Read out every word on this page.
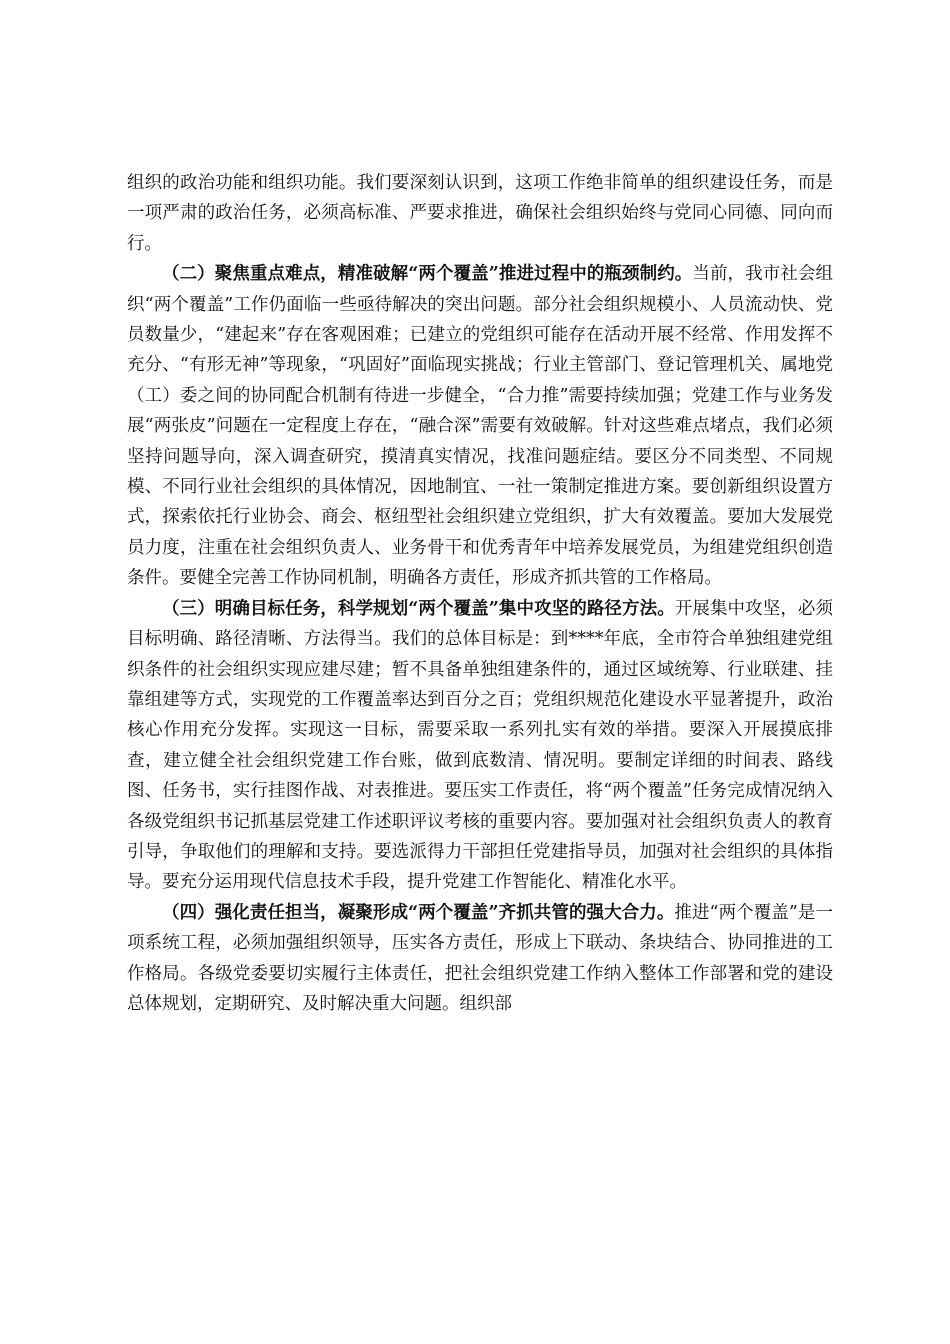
组织的政治功能和组织功能。我们要深刻认识到，这项工作绝非简单的组织建设任务，而是一项严肃的政治任务，必须高标准、严要求推进，确保社会组织始终与党同心同德、同向而行。

（二）聚焦重点难点，精准破解“两个覆盖”推进过程中的瓶颈制约。当前，我市社会组织“两个覆盖”工作仍面临一些亟待解决的突出问题。部分社会组织规模小、人员流动快、党员数量少，“建起来”存在客观困难；已建立的党组织可能存在活动开展不经常、作用发挥不充分、“有形无神”等现象，“巩固好”面临现实挑战；行业主管部门、登记管理机关、属地党（工）委之间的协同配合机制有待进一步健全，“合力推”需要持续加强；党建工作与业务发展“两张皮”问题在一定程度上存在，“融合深”需要有效破解。针对这些难点堵点，我们必须坚持问题导向，深入调查研究，摸清真实情况，找准问题症结。要区分不同类型、不同规模、不同行业社会组织的具体情况，因地制宜、一社一策制定推进方案。要创新组织设置方式，探索依托行业协会、商会、枢纽型社会组织建立党组织，扩大有效覆盖。要加大发展党员力度，注重在社会组织负责人、业务骨干和优秀青年中培养发展党员，为组建党组织创造条件。要健全完善工作协同机制，明确各方责任，形成齐抓共管的工作格局。

（三）明确目标任务，科学规划“两个覆盖”集中攻坚的路径方法。开展集中攻坚，必须目标明确、路径清晰、方法得当。我们的总体目标是：到****年底，全市符合单独组建党组织条件的社会组织实现应建尽建；暂不具备单独组建条件的，通过区域统筹、行业联建、挂靠组建等方式，实现党的工作覆盖率达到百分之百；党组织规范化建设水平显著提升，政治核心作用充分发挥。实现这一目标，需要采取一系列扎实有效的举措。要深入开展摸底排查，建立健全社会组织党建工作台账，做到底数清、情况明。要制定详细的时间表、路线图、任务书，实行挂图作战、对表推进。要压实工作责任，将“两个覆盖”任务完成情况纳入各级党组织书记抓基层党建工作述职评议考核的重要内容。要加强对社会组织负责人的教育引导，争取他们的理解和支持。要选派得力干部担任党建指导员，加强对社会组织的具体指导。要充分运用现代信息技术手段，提升党建工作智能化、精准化水平。

（四）强化责任担当，凝聚形成“两个覆盖”齐抓共管的强大合力。推进“两个覆盖”是一项系统工程，必须加强组织领导，压实各方责任，形成上下联动、条块结合、协同推进的工作格局。各级党委要切实履行主体责任，把社会组织党建工作纳入整体工作部署和党的建设总体规划，定期研究、及时解决重大问题。组织部
